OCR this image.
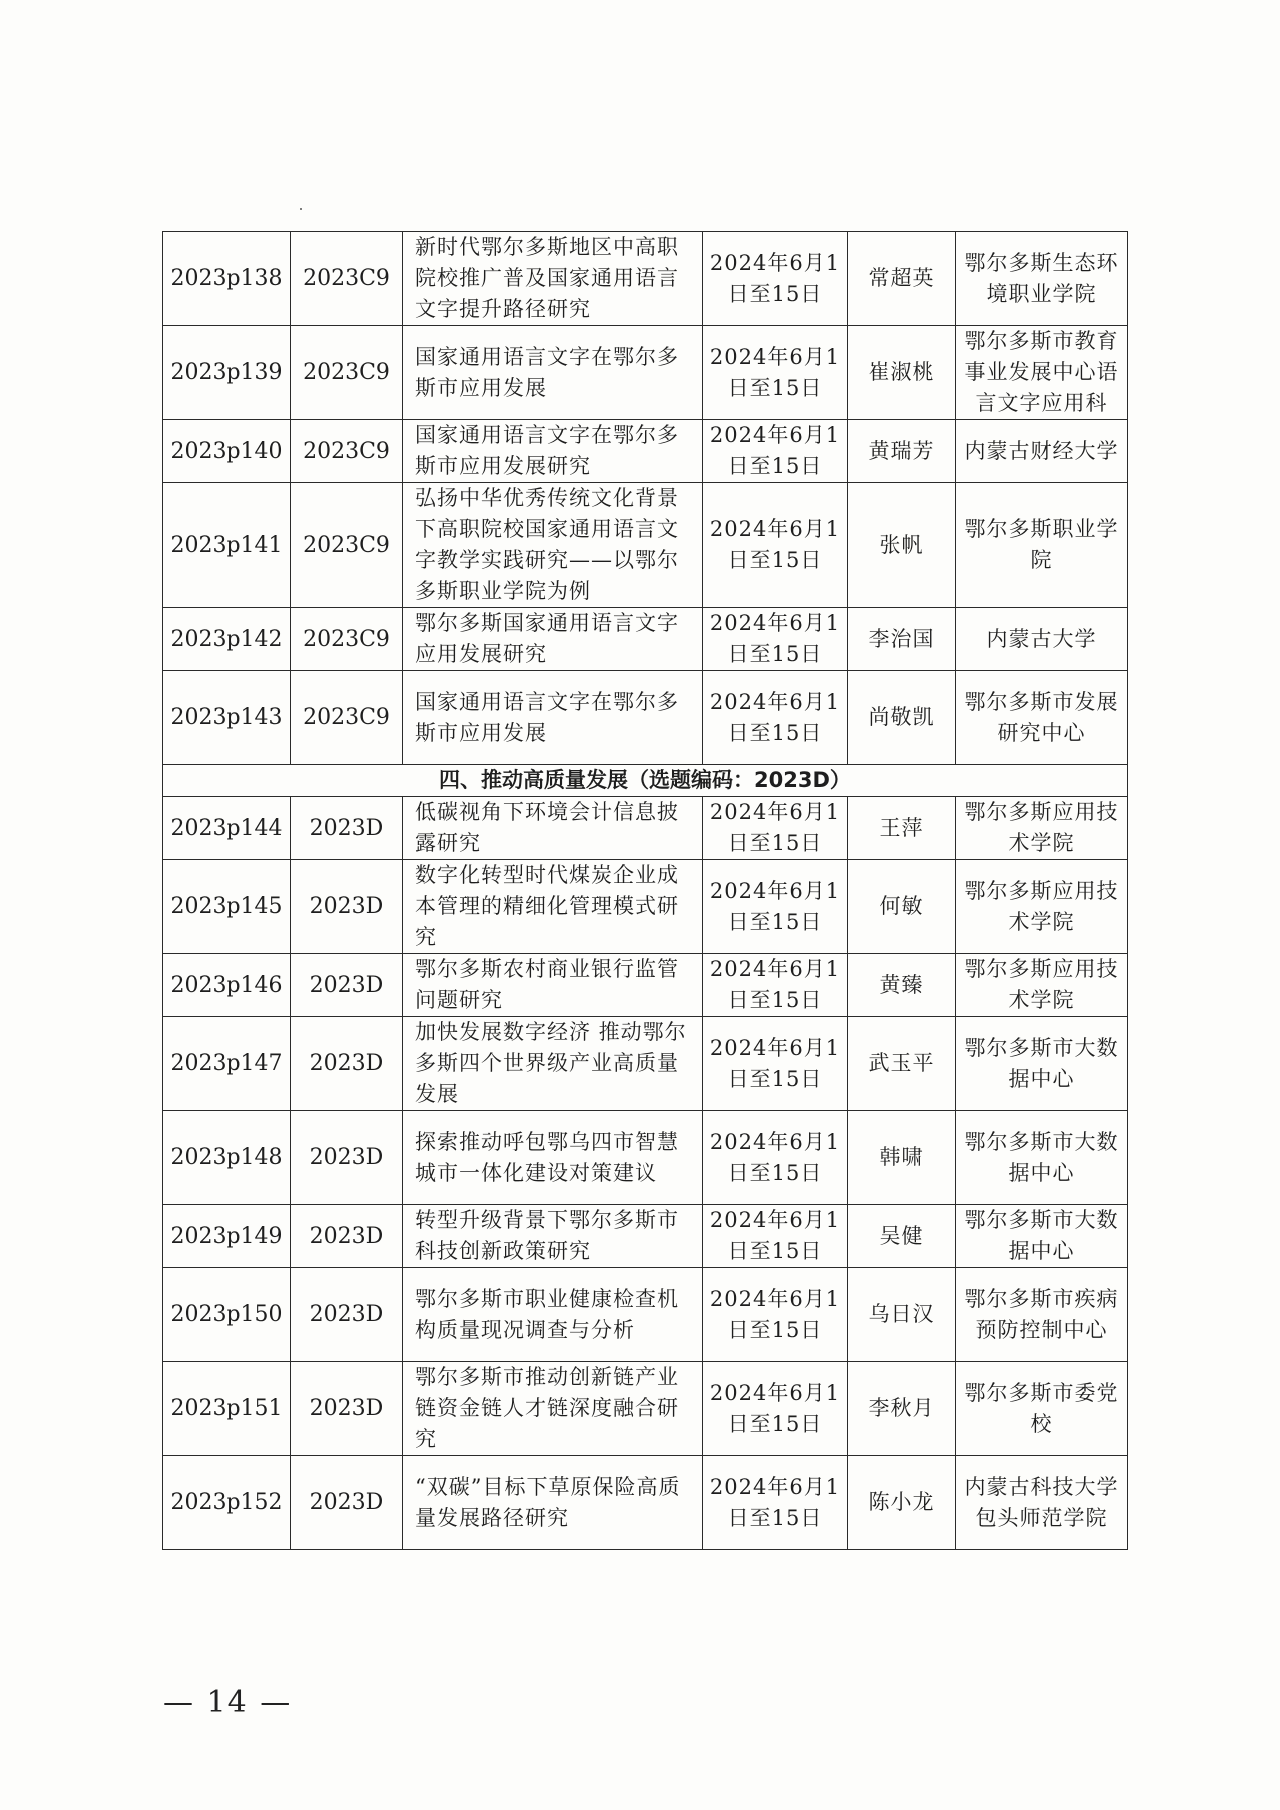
2023p138	2023C9	新时代鄂尔多斯地区中高职院校推广普及国家通用语言文字提升路径研究	2024年6月1日至15日	常超英	鄂尔多斯生态环境职业学院
2023p139	2023C9	国家通用语言文字在鄂尔多斯市应用发展	2024年6月1日至15日	崔淑桃	鄂尔多斯市教育事业发展中心语言文字应用科
2023p140	2023C9	国家通用语言文字在鄂尔多斯市应用发展研究	2024年6月1日至15日	黄瑞芳	内蒙古财经大学
2023p141	2023C9	弘扬中华优秀传统文化背景下高职院校国家通用语言文字教学实践研究——以鄂尔多斯职业学院为例	2024年6月1日至15日	张帆	鄂尔多斯职业学院
2023p142	2023C9	鄂尔多斯国家通用语言文字应用发展研究	2024年6月1日至15日	李治国	内蒙古大学
2023p143	2023C9	国家通用语言文字在鄂尔多斯市应用发展	2024年6月1日至15日	尚敬凯	鄂尔多斯市发展研究中心
四、推动高质量发展（选题编码：2023D）					
2023p144	2023D	低碳视角下环境会计信息披露研究	2024年6月1日至15日	王萍	鄂尔多斯应用技术学院
2023p145	2023D	数字化转型时代煤炭企业成本管理的精细化管理模式研究	2024年6月1日至15日	何敏	鄂尔多斯应用技术学院
2023p146	2023D	鄂尔多斯农村商业银行监管问题研究	2024年6月1日至15日	黄臻	鄂尔多斯应用技术学院
2023p147	2023D	加快发展数字经济 推动鄂尔多斯四个世界级产业高质量发展	2024年6月1日至15日	武玉平	鄂尔多斯市大数据中心
2023p148	2023D	探索推动呼包鄂乌四市智慧城市一体化建设对策建议	2024年6月1日至15日	韩啸	鄂尔多斯市大数据中心
2023p149	2023D	转型升级背景下鄂尔多斯市科技创新政策研究	2024年6月1日至15日	吴健	鄂尔多斯市大数据中心
2023p150	2023D	鄂尔多斯市职业健康检查机构质量现况调查与分析	2024年6月1日至15日	乌日汉	鄂尔多斯市疾病预防控制中心
2023p151	2023D	鄂尔多斯市推动创新链产业链资金链人才链深度融合研究	2024年6月1日至15日	李秋月	鄂尔多斯市委党校
2023p152	2023D	“双碳”目标下草原保险高质量发展路径研究	2024年6月1日至15日	陈小龙	内蒙古科技大学包头师范学院
— 14 —
